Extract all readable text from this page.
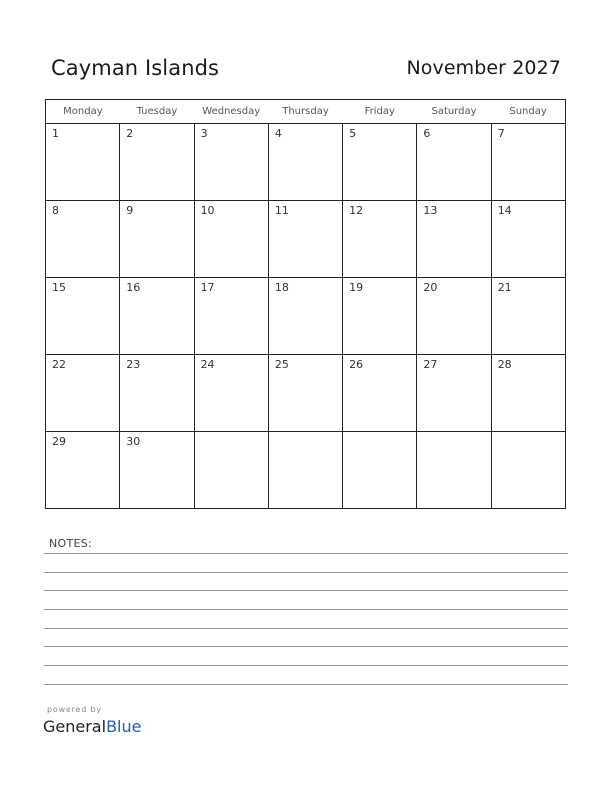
Cayman Islands	November 2027
Monday	Tuesday	Wednesday	Thursday	Friday	Saturday	Sunday

1	2	3	4	5	6	7

8	9	10	11	12	13	14

15	16	17	18	19	20	21

22	23	24	25	26	27	28

29	30					

NOTES:
powered by
GeneralBlue
